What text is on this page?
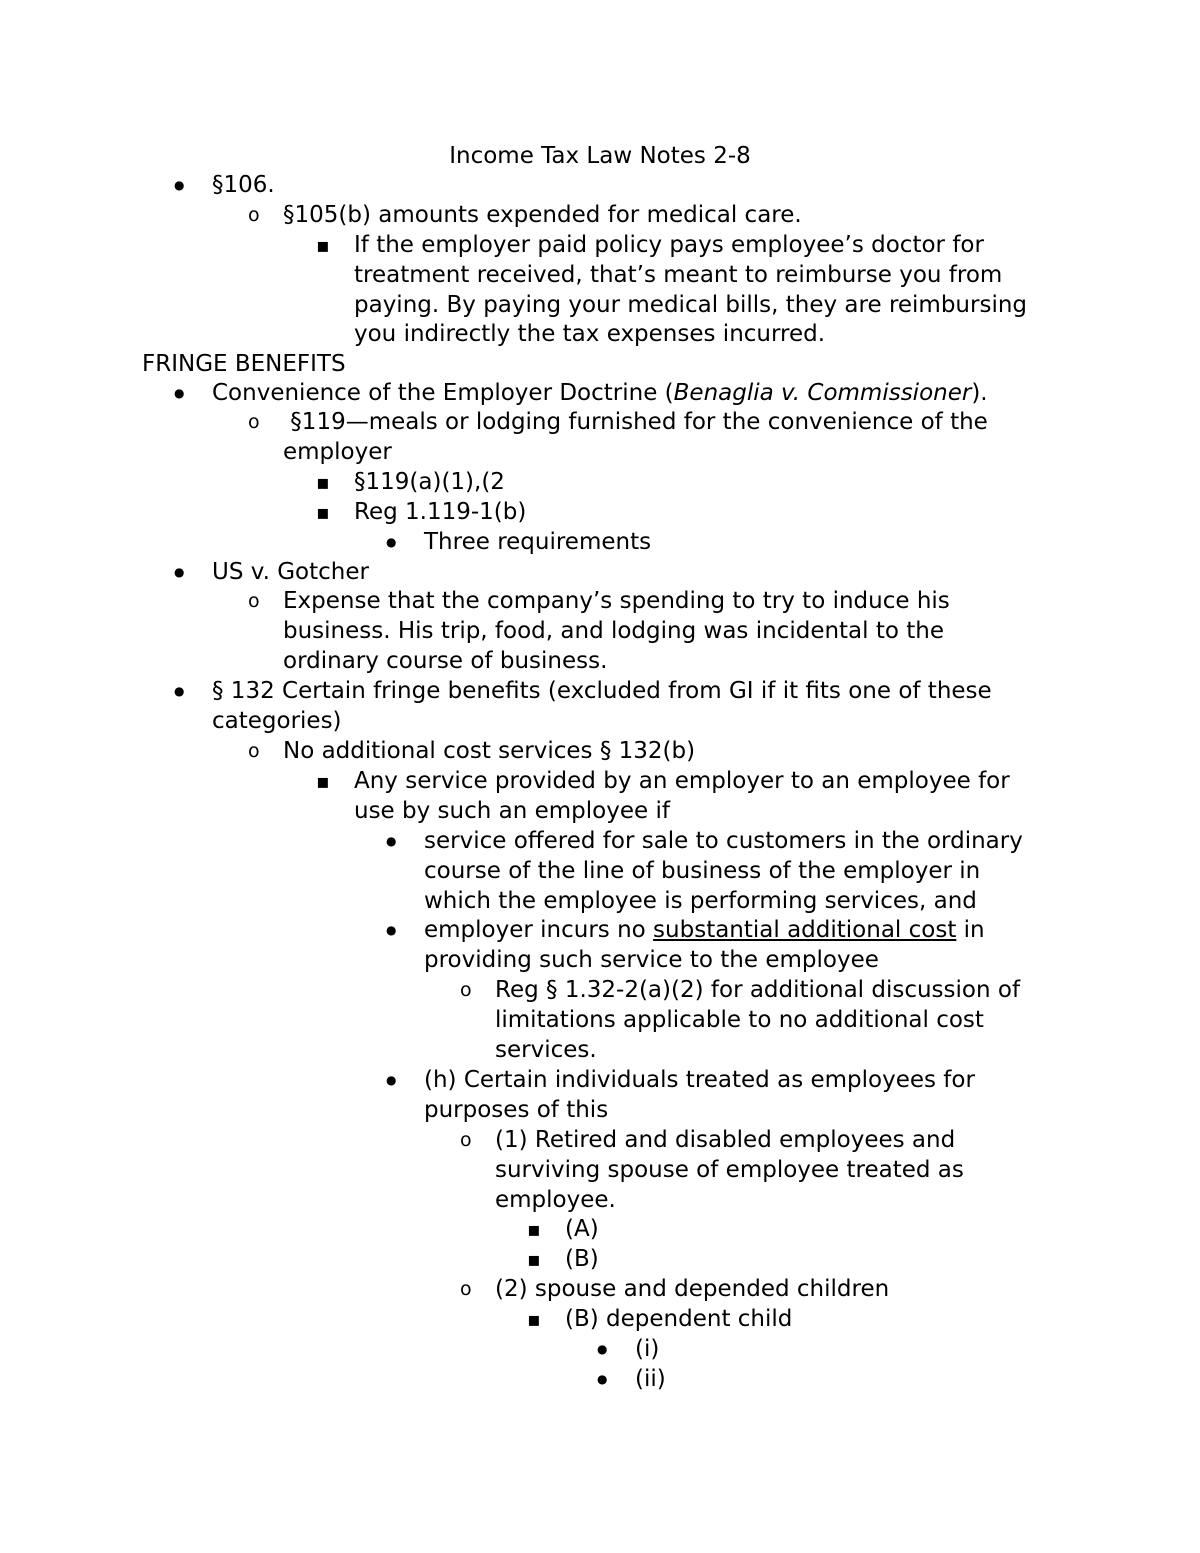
Income Tax Law Notes 2-8
●
§106.
o
§105(b) amounts expended for medical care.
▪
If the employer paid policy pays employee’s doctor for
treatment received, that’s meant to reimburse you from
paying. By paying your medical bills, they are reimbursing
you indirectly the tax expenses incurred.
FRINGE BENEFITS
●
Convenience of the Employer Doctrine (Benaglia v. Commissioner).
o
§119—meals or lodging furnished for the convenience of the
employer
▪
§119(a)(1),(2
▪
Reg 1.119-1(b)
●
Three requirements
●
US v. Gotcher
o
Expense that the company’s spending to try to induce his
business. His trip, food, and lodging was incidental to the
ordinary course of business.
●
§ 132 Certain fringe benefits (excluded from GI if it fits one of these
categories)
o
No additional cost services § 132(b)
▪
Any service provided by an employer to an employee for
use by such an employee if
●
service offered for sale to customers in the ordinary
course of the line of business of the employer in
which the employee is performing services, and
●
employer incurs no substantial additional cost in
providing such service to the employee
o
Reg § 1.32-2(a)(2) for additional discussion of
limitations applicable to no additional cost
services.
●
(h) Certain individuals treated as employees for
purposes of this
o
(1) Retired and disabled employees and
surviving spouse of employee treated as
employee.
▪
(A)
▪
(B)
o
(2) spouse and depended children
▪
(B) dependent child
●
(i)
●
(ii)
